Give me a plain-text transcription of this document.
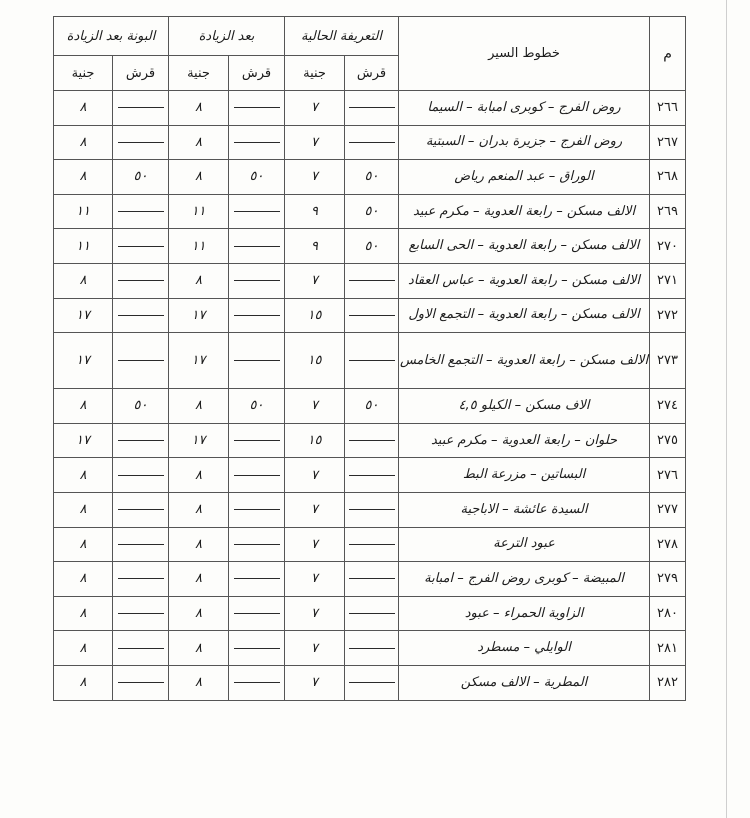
م	خطوط السير	التعريفة الحالية		بعد الزيادة		البونة بعد الزيادة	
		قرش	جنية	قرش	جنية	قرش	جنية
٢٦٦	روض الفرج – كوبرى امبابة – السيما		٧		٨		٨
٢٦٧	روض الفرج – جزيرة بدران – السبتية		٧		٨		٨
٢٦٨	الوراق – عبد المنعم رياض	٥٠	٧	٥٠	٨	٥٠	٨
٢٦٩	الالف مسكن – رابعة العدوية – مكرم عبيد	٥٠	٩		١١		١١
٢٧٠	الالف مسكن – رابعة العدوية – الحى السابع	٥٠	٩		١١		١١
٢٧١	الالف مسكن – رابعة العدوية – عباس العقاد		٧		٨		٨
٢٧٢	الالف مسكن – رابعة العدوية – التجمع الاول		١٥		١٧		١٧
٢٧٣	الالف مسكن – رابعة العدوية – التجمع الخامس		١٥		١٧		١٧
٢٧٤	الاف مسكن – الكيلو ٤,٥	٥٠	٧	٥٠	٨	٥٠	٨
٢٧٥	حلوان – رابعة العدوية – مكرم عبيد		١٥		١٧		١٧
٢٧٦	البساتين – مزرعة البط		٧		٨		٨
٢٧٧	السيدة عائشة – الاباجية		٧		٨		٨
٢٧٨	عبود الترعة		٧		٨		٨
٢٧٩	المبيضة – كوبرى روض الفرج – امبابة		٧		٨		٨
٢٨٠	الزاوية الحمراء – عبود		٧		٨		٨
٢٨١	الوايلي – مسطرد		٧		٨		٨
٢٨٢	المطرية – الالف مسكن		٧		٨		٨
